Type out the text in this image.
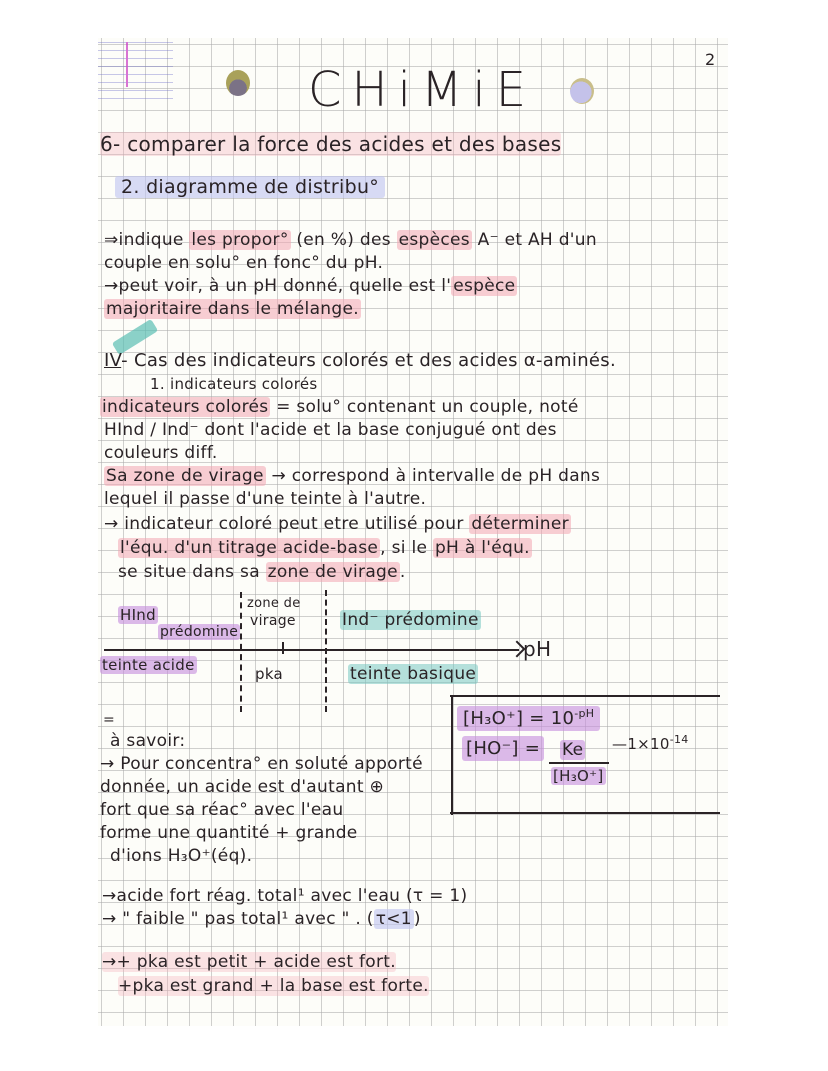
CHiMiE
2
6- comparer la force des acides et des bases
2. diagramme de distribu°
⇒indique les propor° (en %) des espèces A⁻ et AH d'un
couple en solu° en fonc° du pH.
→peut voir, à un pH donné, quelle est l' espèce
majoritaire dans le mélange.
IV- Cas des indicateurs colorés et des acides α-aminés.
1. indicateurs colorés
indicateurs colorés = solu° contenant un couple, noté
HInd / Ind⁻ dont l'acide et la base conjugué ont des
couleurs diff.
Sa zone de virage → correspond à intervalle de pH dans
lequel il passe d'une teinte à l'autre.
→ indicateur coloré peut etre utilisé pour déterminer
l'équ. d'un titrage acide-base , si le pH à l'équ.
se situe dans sa zone de virage .
HInd
prédomine
zone de
virage	Ind⁻ prédomine
pH
teinte acide	pka	teinte basique
$[H_3O^+] = 10^{-pH}$
[HO⁻] = Ke
[H₃O⁺]
$—1\times 10^{-14}$
=
à savoir:
→ Pour concentra° en soluté apporté
donnée, un acide est d'autant ⊕
fort que sa réac° avec l'eau
forme une quantité + grande
d'ions H₃O⁺(éq).
→acide fort réag. total¹ avec l'eau (τ = 1)
→ " faible " pas total¹ avec " . ( τ<1 )
→+ pka est petit + acide est fort.
+pka est grand + la base est forte.
